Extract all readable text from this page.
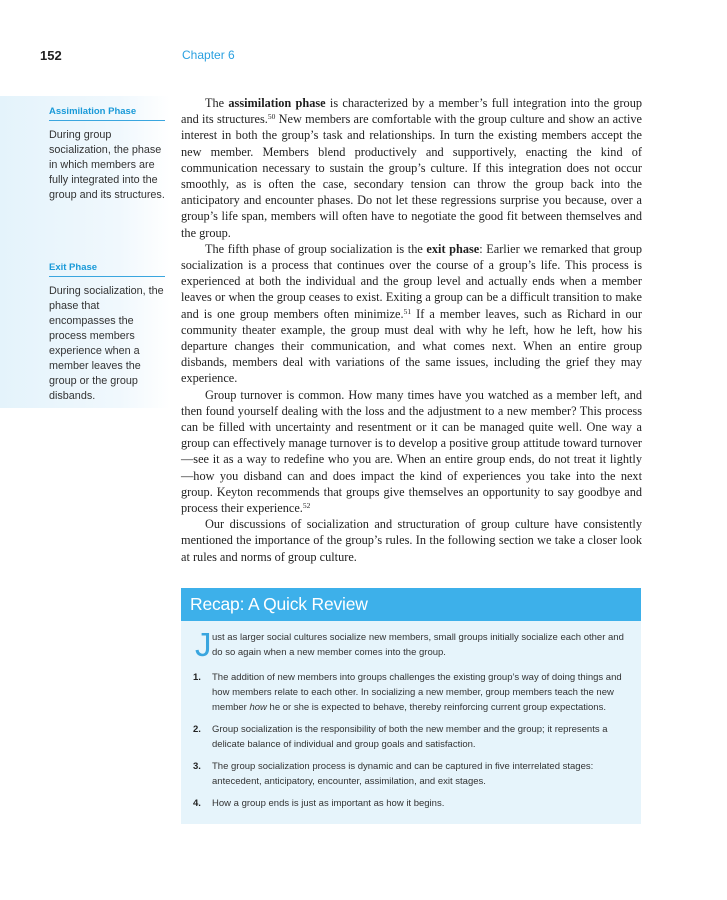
152	Chapter 6
Assimilation Phase
During group socialization, the phase in which members are fully integrated into the group and its structures.
Exit Phase
During socialization, the phase that encompasses the process members experience when a member leaves the group or the group disbands.

The assimilation phase is characterized by a member’s full integration into the group and its structures.$^{50}$ New members are comfortable with the group culture and show an active interest in both the group’s task and relationships. In turn the existing members accept the new member. Members blend productively and supportively, enacting the kind of communication necessary to sustain the group’s culture. If this integration does not occur smoothly, as is often the case, secondary tension can throw the group back into the anticipatory and encounter phases. Do not let these regressions surprise you because, over a group’s life span, members will often have to negotiate the good fit between themselves and the group.

The fifth phase of group socialization is the exit phase: Earlier we remarked that group socialization is a process that continues over the course of a group’s life. This process is experienced at both the individual and the group level and actually ends when a member leaves or when the group ceases to exist. Exiting a group can be a difficult transition to make and is one group members often minimize.$^{51}$ If a member leaves, such as Richard in our community theater example, the group must deal with why he left, how he left, how his departure changes their communication, and what comes next. When an entire group disbands, members deal with variations of the same issues, including the grief they may experience.

Group turnover is common. How many times have you watched as a member left, and then found yourself dealing with the loss and the adjustment to a new member? This process can be filled with uncertainty and resentment or it can be managed quite well. One way a group can effectively manage turnover is to develop a positive group attitude toward turnover—see it as a way to redefine who you are. When an entire group ends, do not treat it lightly—how you disband can and does impact the kind of experiences you take into the next group. Keyton recommends that groups give themselves an opportunity to say goodbye and process their experience.$^{52}$

Our discussions of socialization and structuration of group culture have consistently mentioned the importance of the group’s rules. In the following section we take a closer look at rules and norms of group culture.

Recap: A Quick Review
J ust as larger social cultures socialize new members, small groups initially socialize each other and do so again when a new member comes into the group.
1. The addition of new members into groups challenges the existing group’s way of doing things and how members relate to each other. In socializing a new member, group members teach the new member how he or she is expected to behave, thereby reinforcing current group expectations.
2. Group socialization is the responsibility of both the new member and the group; it represents a delicate balance of individual and group goals and satisfaction.
3. The group socialization process is dynamic and can be captured in five interrelated stages: antecedent, anticipatory, encounter, assimilation, and exit stages.
4. How a group ends is just as important as how it begins.
